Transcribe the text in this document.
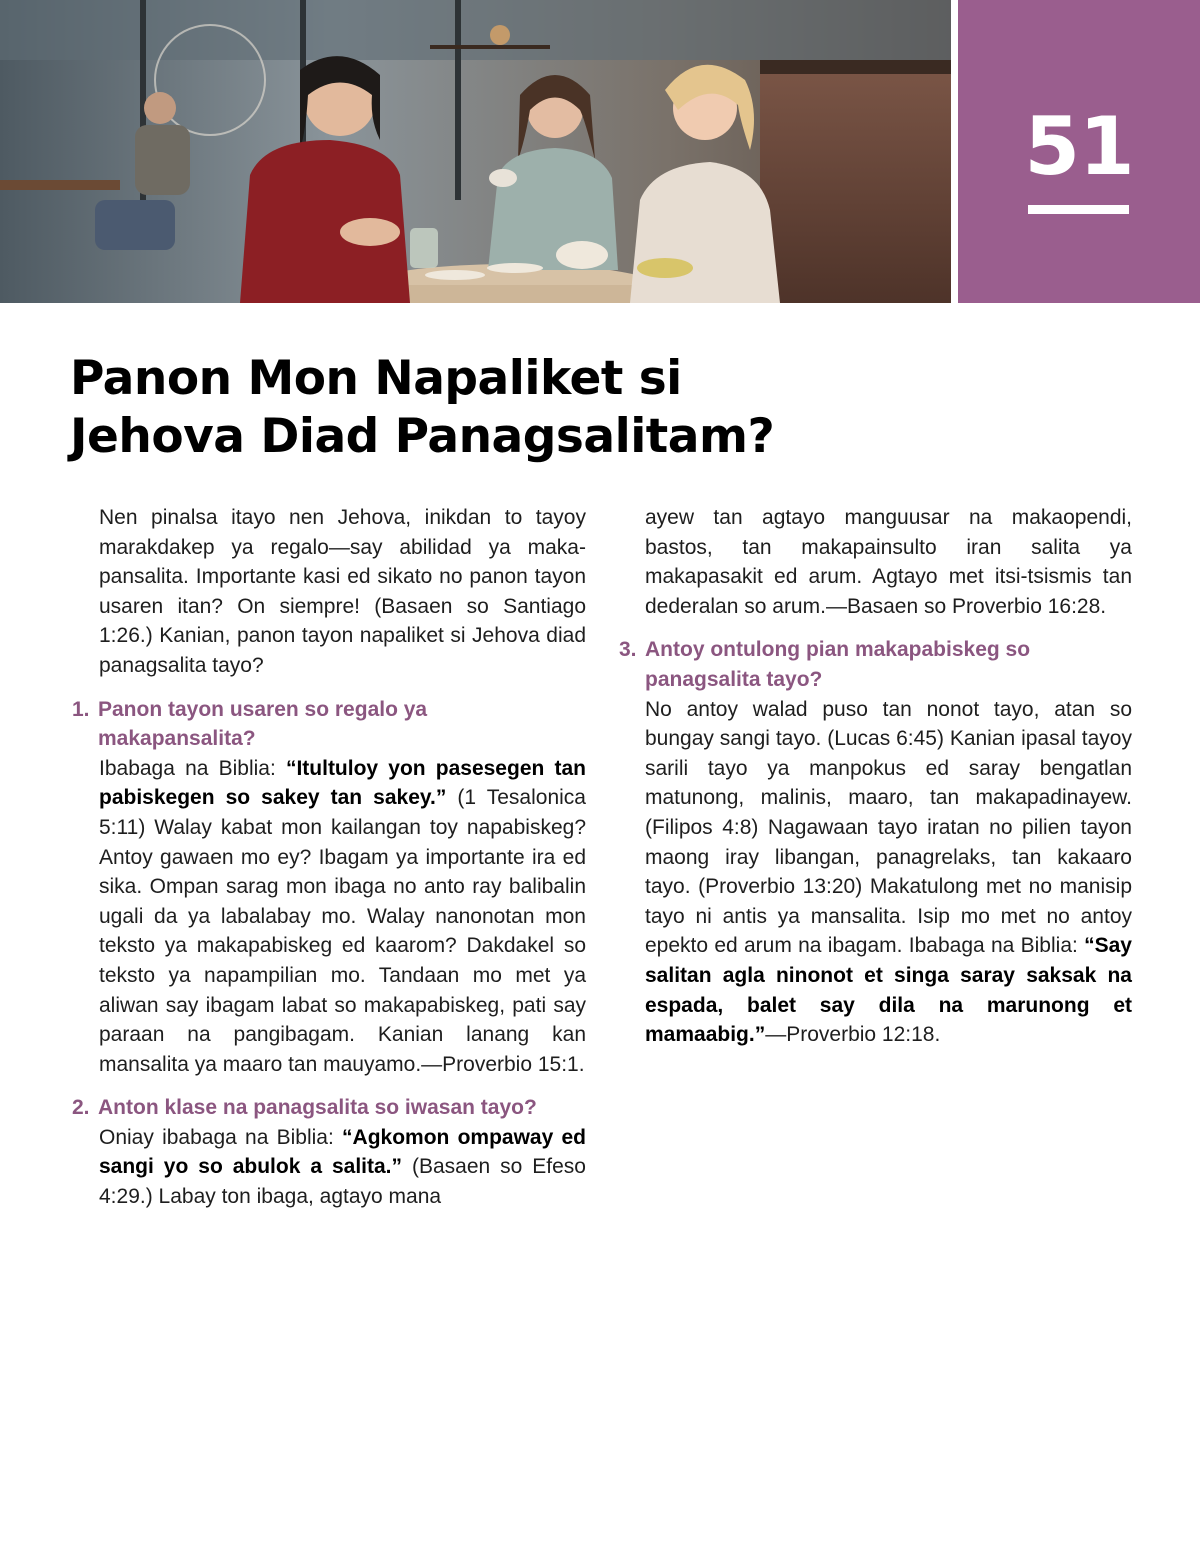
51
Panon Mon Napaliket si
Jehova Diad Panagsalitam?

Nen pinalsa itayo nen Jehova, inikdan to tayoy marakdakep ya regalo—say abilidad ya makapansalita. Importante kasi ed sikato no panon tayon usaren itan? On siempre! (Basaen so Santiago 1:26.) Kanian, panon tayon napaliket si Jehova diad panagsalita tayo?

1. Panon tayon usaren so regalo ya makapansalita?

Ibabaga na Biblia: “Itultuloy yon pasesegen tan pabiskegen so sakey tan sakey.” (1 Tesalonica 5:11) Walay kabat mon kailangan toy napabiskeg? Antoy gawaen mo ey? Ibagam ya importante ira ed sika. Ompan sarag mon ibaga no anto ray balibalin ugali da ya labalabay mo. Walay nanonotan mon teksto ya makapabiskeg ed kaarom? Dakdakel so teksto ya napampilian mo. Tandaan mo met ya aliwan say ibagam labat so makapabiskeg, pati say paraan na pangibagam. Kanian lanang kan mansalita ya maaro tan mauyamo.—Proverbio 15:1.

2. Anton klase na panagsalita so iwasan tayo?

Oniay ibabaga na Biblia: “Agkomon ompaway ed sangi yo so abulok a salita.” (Basaen so Efeso 4:29.) Labay ton ibaga, agtayo mana

ayew tan agtayo manguusar na makaopendi, bastos, tan makapainsulto iran salita ya makapasakit ed arum. Agtayo met itsi-tsismis tan dederalan so arum.—Basaen so Proverbio 16:28.

3. Antoy ontulong pian makapabiskeg so panagsalita tayo?

No antoy walad puso tan nonot tayo, atan so bungay sangi tayo. (Lucas 6:45) Kanian ipasal tayoy sarili tayo ya manpokus ed saray bengatlan matunong, malinis, maaro, tan makapadinayew. (Filipos 4:8) Nagawaan tayo iratan no pilien tayon maong iray libangan, panagrelaks, tan kakaaro tayo. (Proverbio 13:20) Makatulong met no manisip tayo ni antis ya mansalita. Isip mo met no antoy epekto ed arum na ibagam. Ibabaga na Biblia: “Say salitan agla ninonot et singa saray saksak na espada, balet say dila na marunong et mamaabig.”—Proverbio 12:18.
